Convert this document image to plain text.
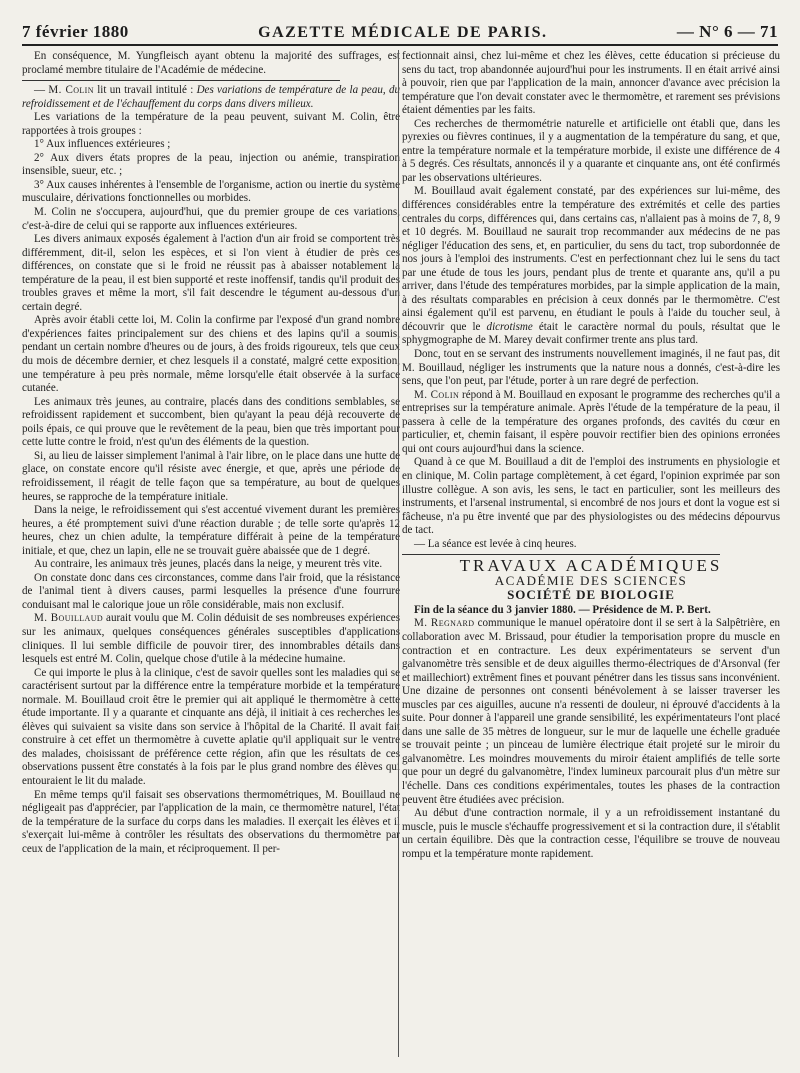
7 février 1880	GAZETTE MÉDICALE DE PARIS.	— N° 6 — 71

En conséquence, M. Yungfleisch ayant obtenu la majorité des suffrages, est proclamé membre titulaire de l'Académie de médecine.

— M. Colin lit un travail intitulé : Des variations de température de la peau, du refroidissement et de l'échauffement du corps dans divers milieux.

Les variations de la température de la peau peuvent, suivant M. Colin, être rapportées à trois groupes :

1° Aux influences extérieures ;
2° Aux divers états propres de la peau, injection ou anémie, transpiration insensible, sueur, etc. ;
3° Aux causes inhérentes à l'ensemble de l'organisme, action ou inertie du système musculaire, dérivations fonctionnelles ou morbides.

M. Colin ne s'occupera, aujourd'hui, que du premier groupe de ces variations, c'est-à-dire de celui qui se rapporte aux influences extérieures.

Les divers animaux exposés également à l'action d'un air froid se comportent très différemment, dit-il, selon les espèces, et si l'on vient à étudier de près ces différences, on constate que si le froid ne réussit pas à abaisser notablement la température de la peau, il est bien supporté et reste inoffensif, tandis qu'il produit des troubles graves et même la mort, s'il fait descendre le tégument au-dessous d'un certain degré.

Après avoir établi cette loi, M. Colin la confirme par l'exposé d'un grand nombre d'expériences faites principalement sur des chiens et des lapins qu'il a soumis, pendant un certain nombre d'heures ou de jours, à des froids rigoureux, tels que ceux du mois de décembre dernier, et chez lesquels il a constaté, malgré cette exposition, une température à peu près normale, même lorsqu'elle était observée à la surface cutanée.

Les animaux très jeunes, au contraire, placés dans des conditions semblables, se refroidissent rapidement et succombent, bien qu'ayant la peau déjà recouverte de poils épais, ce qui prouve que le revêtement de la peau, bien que très important pour cette lutte contre le froid, n'est qu'un des éléments de la question.

Si, au lieu de laisser simplement l'animal à l'air libre, on le place dans une hutte de glace, on constate encore qu'il résiste avec énergie, et que, après une période de refroidissement, il réagit de telle façon que sa température, au bout de quelques heures, se rapproche de la température initiale.

Dans la neige, le refroidissement qui s'est accentué vivement durant les premières heures, a été promptement suivi d'une réaction durable ; de telle sorte qu'après 12 heures, chez un chien adulte, la température différait à peine de la température initiale, et que, chez un lapin, elle ne se trouvait guère abaissée que de 1 degré.

Au contraire, les animaux très jeunes, placés dans la neige, y meurent très vite.

On constate donc dans ces circonstances, comme dans l'air froid, que la résistance de l'animal tient à divers causes, parmi lesquelles la présence d'une fourrure conduisant mal le calorique joue un rôle considérable, mais non exclusif.

M. Bouillaud aurait voulu que M. Colin déduisit de ses nombreuses expériences sur les animaux, quelques conséquences générales susceptibles d'applications cliniques. Il lui semble difficile de pouvoir tirer, des innombrables détails dans lesquels est entré M. Colin, quelque chose d'utile à la médecine humaine.

Ce qui importe le plus à la clinique, c'est de savoir quelles sont les maladies qui se caractérisent surtout par la différence entre la température morbide et la température normale. M. Bouillaud croit être le premier qui ait appliqué le thermomètre à cette étude importante. Il y a quarante et cinquante ans déjà, il initiait à ces recherches les élèves qui suivaient sa visite dans son service à l'hôpital de la Charité. Il avait fait construire à cet effet un thermomètre à cuvette aplatie qu'il appliquait sur le ventre des malades, choisissant de préférence cette région, afin que les résultats de ces observations pussent être constatés à la fois par le plus grand nombre des élèves qui entouraient le lit du malade.

En même temps qu'il faisait ses observations thermométriques, M. Bouillaud ne négligeait pas d'apprécier, par l'application de la main, ce thermomètre naturel, l'état de la température de la surface du corps dans les maladies. Il exerçait les élèves et il s'exerçait lui-même à contrôler les résultats des observations du thermomètre par ceux de l'application de la main, et réciproquement. Il per-

fectionnait ainsi, chez lui-même et chez les élèves, cette éducation si précieuse du sens du tact, trop abandonnée aujourd'hui pour les instruments. Il en était arrivé ainsi à pouvoir, rien que par l'application de la main, annoncer d'avance avec précision la température que l'on devait constater avec le thermomètre, et rarement ses prévisions étaient démenties par les faits.

Ces recherches de thermométrie naturelle et artificielle ont établi que, dans les pyrexies ou fièvres continues, il y a augmentation de la température du sang, et que, entre la température normale et la température morbide, il existe une différence de 4 à 5 degrés. Ces résultats, annoncés il y a quarante et cinquante ans, ont été confirmés par les observations ultérieures.

M. Bouillaud avait également constaté, par des expériences sur lui-même, des différences considérables entre la température des extrémités et celle des parties centrales du corps, différences qui, dans certains cas, n'allaient pas à moins de 7, 8, 9 et 10 degrés. M. Bouillaud ne saurait trop recommander aux médecins de ne pas négliger l'éducation des sens, et, en particulier, du sens du tact, trop subordonnée de nos jours à l'emploi des instruments. C'est en perfectionnant chez lui le sens du tact par une étude de tous les jours, pendant plus de trente et quarante ans, qu'il a pu arriver, dans l'étude des températures morbides, par la simple application de la main, à des résultats comparables en précision à ceux donnés par le thermomètre. C'est ainsi également qu'il est parvenu, en étudiant le pouls à l'aide du toucher seul, à découvrir que le dicrotisme était le caractère normal du pouls, résultat que le sphygmographe de M. Marey devait confirmer trente ans plus tard.

Donc, tout en se servant des instruments nouvellement imaginés, il ne faut pas, dit M. Bouillaud, négliger les instruments que la nature nous a donnés, c'est-à-dire les sens, que l'on peut, par l'étude, porter à un rare degré de perfection.

M. Colin répond à M. Bouillaud en exposant le programme des recherches qu'il a entreprises sur la température animale. Après l'étude de la température de la peau, il passera à celle de la température des organes profonds, des cavités du cœur en particulier, et, chemin faisant, il espère pouvoir rectifier bien des opinions erronées qui ont cours aujourd'hui dans la science.

Quand à ce que M. Bouillaud a dit de l'emploi des instruments en physiologie et en clinique, M. Colin partage complètement, à cet égard, l'opinion exprimée par son illustre collègue. A son avis, les sens, le tact en particulier, sont les meilleurs des instruments, et l'arsenal instrumental, si encombré de nos jours et dont la vogue est si fâcheuse, n'a pu être inventé que par des physiologistes ou des médecins dépourvus de tact.

— La séance est levée à cinq heures.

TRAVAUX ACADÉMIQUES
ACADÉMIE DES SCIENCES
SOCIÉTÉ DE BIOLOGIE

Fin de la séance du 3 janvier 1880. — Présidence de M. P. Bert.

M. Regnard communique le manuel opératoire dont il se sert à la Salpêtrière, en collaboration avec M. Brissaud, pour étudier la temporisation propre du muscle en contraction et en contracture. Les deux expérimentateurs se servent d'un galvanomètre très sensible et de deux aiguilles thermo-électriques de d'Arsonval (fer et maillechiort) extrêment fines et pouvant pénétrer dans les tissus sans inconvénient. Une dizaine de personnes ont consenti bénévolement à se laisser traverser les muscles par ces aiguilles, aucune n'a ressenti de douleur, ni éprouvé d'accidents à la suite. Pour donner à l'appareil une grande sensibilité, les expérimentateurs l'ont placé dans une salle de 35 mètres de longueur, sur le mur de laquelle une échelle graduée se trouvait peinte ; un pinceau de lumière électrique était projeté sur le miroir du galvanomètre. Les moindres mouvements du miroir étaient amplifiés de telle sorte que pour un degré du galvanomètre, l'index lumineux parcourait plus d'un mètre sur l'échelle. Dans ces conditions expérimentales, toutes les phases de la contraction peuvent être étudiées avec précision.

Au début d'une contraction normale, il y a un refroidissement instantané du muscle, puis le muscle s'échauffe progressivement et si la contraction dure, il s'établit un certain équilibre. Dès que la contraction cesse, l'équilibre se trouve de nouveau rompu et la température monte rapidement.
